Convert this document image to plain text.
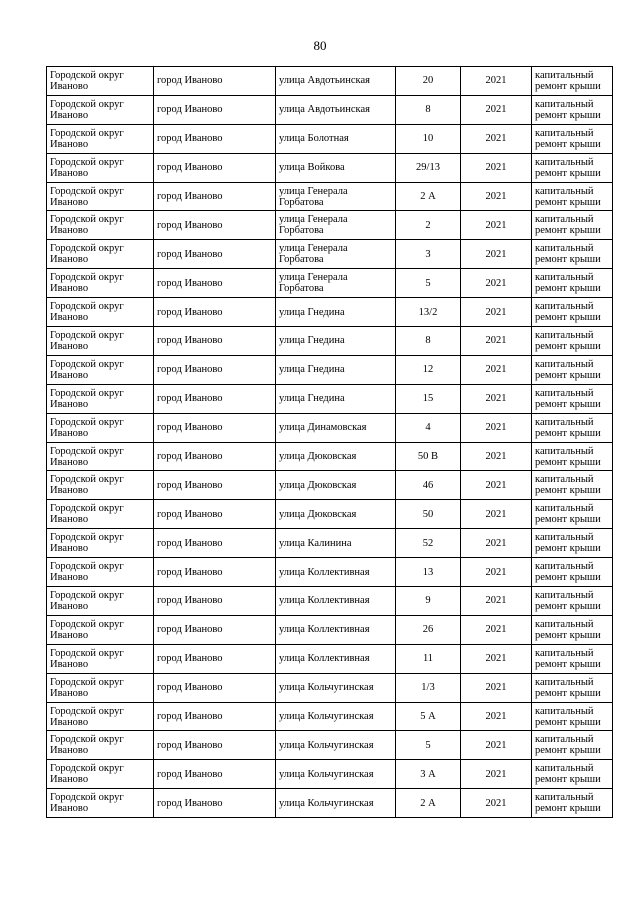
80
Городской округ Иваново	город Иваново	улица Авдотьинская	20	2021	капитальный ремонт крыши
Городской округ Иваново	город Иваново	улица Авдотьинская	8	2021	капитальный ремонт крыши
Городской округ Иваново	город Иваново	улица Болотная	10	2021	капитальный ремонт крыши
Городской округ Иваново	город Иваново	улица Войкова	29/13	2021	капитальный ремонт крыши
Городской округ Иваново	город Иваново	улица Генерала Горбатова	2 А	2021	капитальный ремонт крыши
Городской округ Иваново	город Иваново	улица Генерала Горбатова	2	2021	капитальный ремонт крыши
Городской округ Иваново	город Иваново	улица Генерала Горбатова	3	2021	капитальный ремонт крыши
Городской округ Иваново	город Иваново	улица Генерала Горбатова	5	2021	капитальный ремонт крыши
Городской округ Иваново	город Иваново	улица Гнедина	13/2	2021	капитальный ремонт крыши
Городской округ Иваново	город Иваново	улица Гнедина	8	2021	капитальный ремонт крыши
Городской округ Иваново	город Иваново	улица Гнедина	12	2021	капитальный ремонт крыши
Городской округ Иваново	город Иваново	улица Гнедина	15	2021	капитальный ремонт крыши
Городской округ Иваново	город Иваново	улица Динамовская	4	2021	капитальный ремонт крыши
Городской округ Иваново	город Иваново	улица Дюковская	50 В	2021	капитальный ремонт крыши
Городской округ Иваново	город Иваново	улица Дюковская	46	2021	капитальный ремонт крыши
Городской округ Иваново	город Иваново	улица Дюковская	50	2021	капитальный ремонт крыши
Городской округ Иваново	город Иваново	улица Калинина	52	2021	капитальный ремонт крыши
Городской округ Иваново	город Иваново	улица Коллективная	13	2021	капитальный ремонт крыши
Городской округ Иваново	город Иваново	улица Коллективная	9	2021	капитальный ремонт крыши
Городской округ Иваново	город Иваново	улица Коллективная	26	2021	капитальный ремонт крыши
Городской округ Иваново	город Иваново	улица Коллективная	11	2021	капитальный ремонт крыши
Городской округ Иваново	город Иваново	улица Кольчугинская	1/3	2021	капитальный ремонт крыши
Городской округ Иваново	город Иваново	улица Кольчугинская	5 А	2021	капитальный ремонт крыши
Городской округ Иваново	город Иваново	улица Кольчугинская	5	2021	капитальный ремонт крыши
Городской округ Иваново	город Иваново	улица Кольчугинская	3 А	2021	капитальный ремонт крыши
Городской округ Иваново	город Иваново	улица Кольчугинская	2 А	2021	капитальный ремонт крыши
